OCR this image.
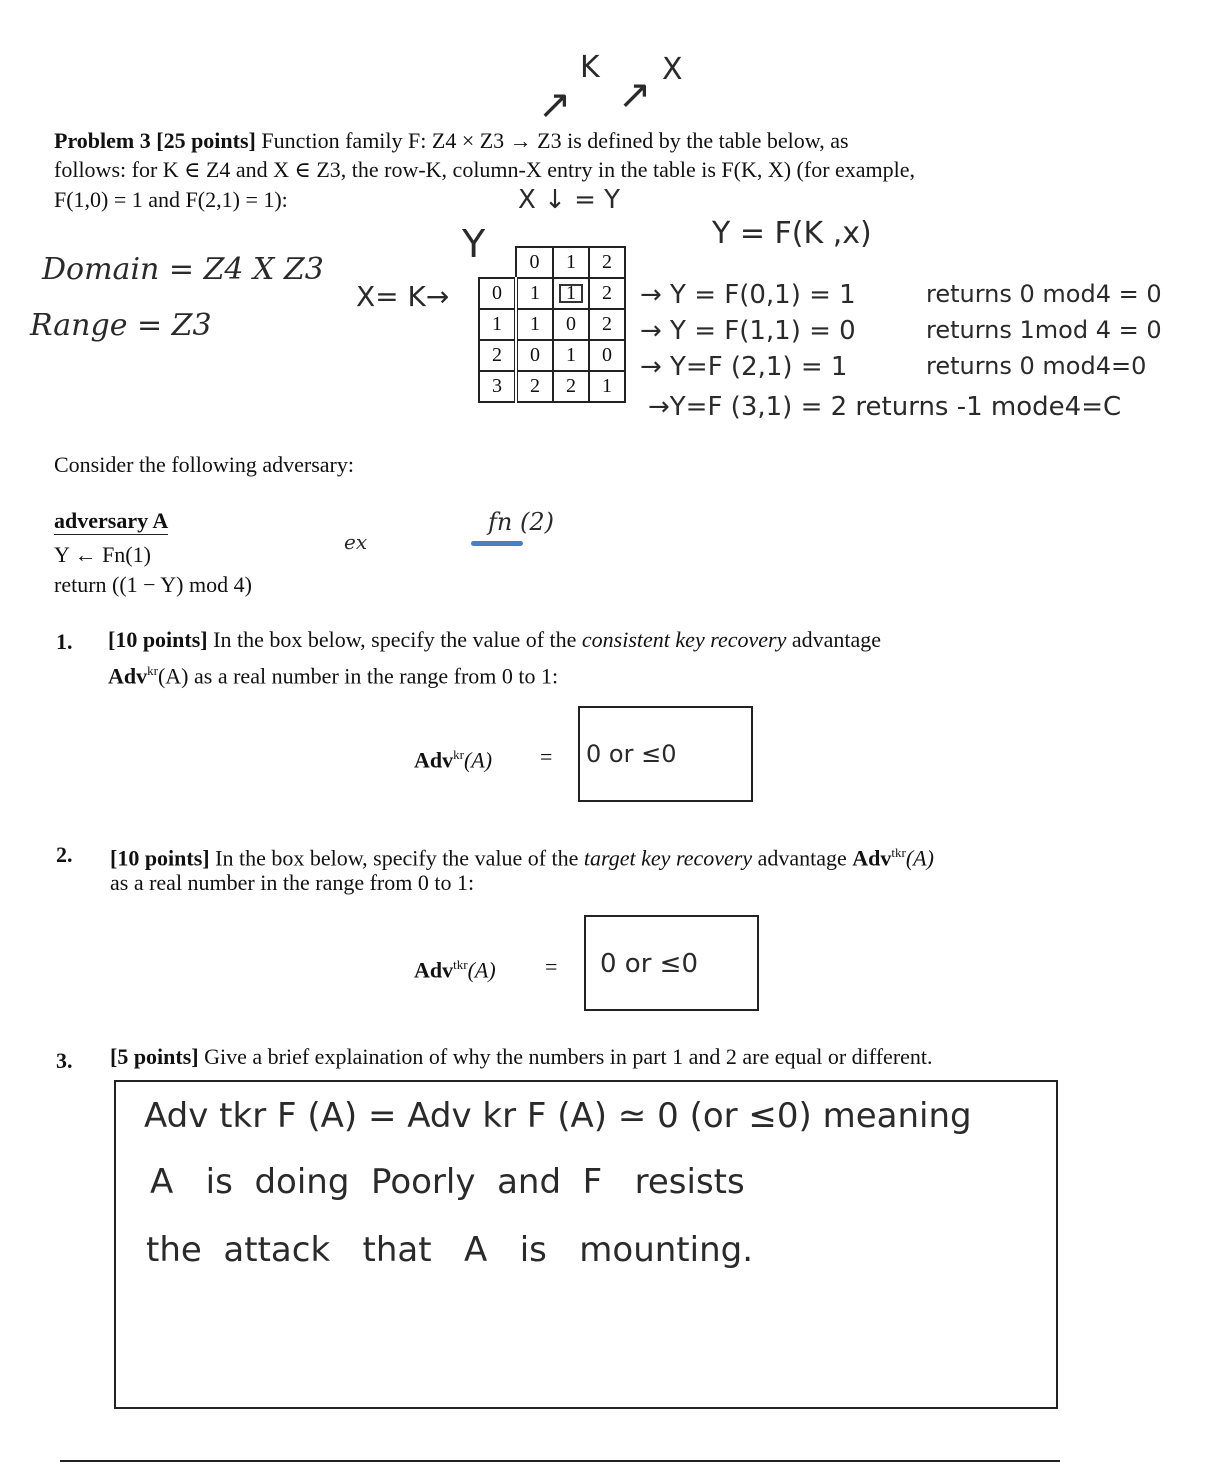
K X
↗ ↗
Problem 3 [25 points] Function family F: Z4 × Z3 → Z3 is defined by the table below, as
follows: for K ∈ Z4 and X ∈ Z3, the row-K, column-X entry in the table is F(K, X) (for example,
F(1,0) = 1 and F(2,1) = 1):	X ↓ = Y
Y = F(K ,x)
Domain = Z4 X Z3
Range = Z3
Y
X= K→
	0	1	2
0	1	1	2
1	1	0	2
2	0	1	0
3	2	2	1
→ Y = F(0,1) = 1	returns 0 mod4 = 0
→ Y = F(1,1) = 0	returns 1mod 4 = 0
→ Y=F (2,1) = 1	returns 0 mod4=0
→Y=F (3,1) = 2 returns -1 mode4=C
Consider the following adversary:
adversary A
Y ← Fn(1)
return ((1 − Y) mod 4)
ex
fn (2)
1. [10 points] In the box below, specify the value of the consistent key recovery advantage
Adv$^{kr}$(A) as a real number in the range from 0 to 1:
Adv$^{kr}$(A) = 0 or ≤0
2. [10 points] In the box below, specify the value of the target key recovery advantage Adv$^{tkr}$(A)
as a real number in the range from 0 to 1:
Adv$^{tkr}$(A) = 0 or ≤0
3. [5 points] Give a brief explaination of why the numbers in part 1 and 2 are equal or different.
Adv tkr F (A) = Adv kr F (A) ≃ 0 (or ≤0) meaning
A   is  doing  Poorly  and  F   resists
the  attack   that   A   is   mounting.
